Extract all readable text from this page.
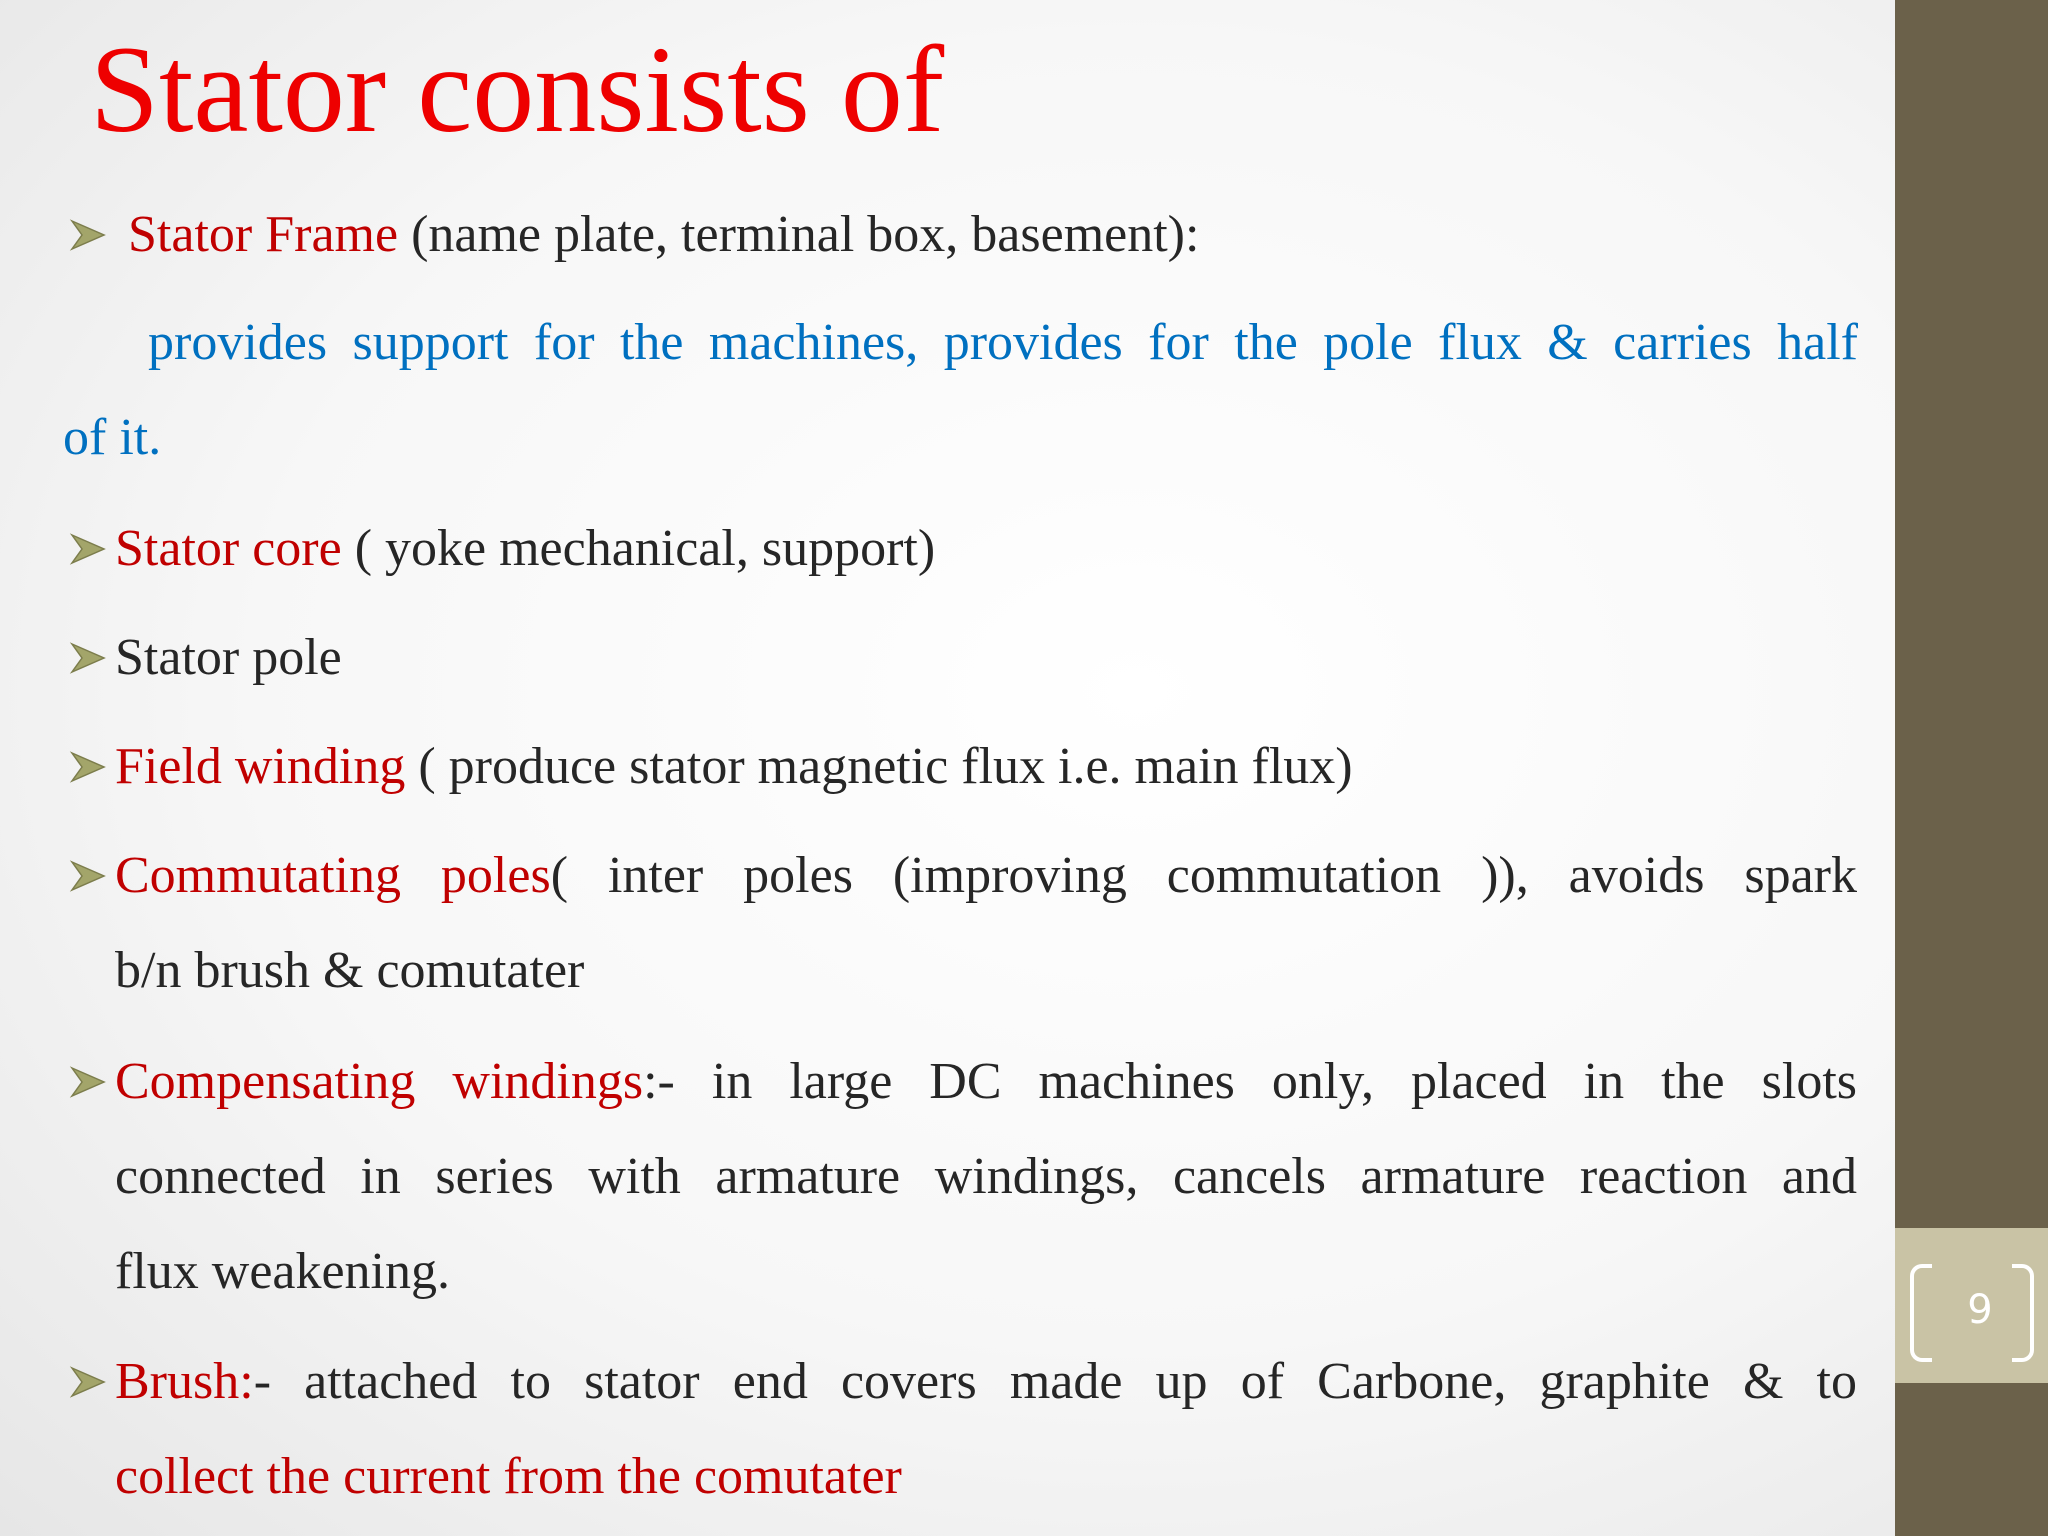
9
Stator consists of
Stator Frame (name plate, terminal box, basement):
provides support for the machines, provides for the pole flux & carries half
of it.
Stator core ( yoke mechanical, support)
Stator pole
Field winding ( produce stator magnetic flux i.e. main flux)
Commutating poles( inter poles (improving commutation )), avoids spark
b/n brush & comutater
Compensating windings:- in large DC machines only, placed in the slots
connected in series with armature windings, cancels armature reaction and
flux weakening.
Brush:- attached to stator end covers made up of Carbone, graphite & to
collect the current from the comutater
